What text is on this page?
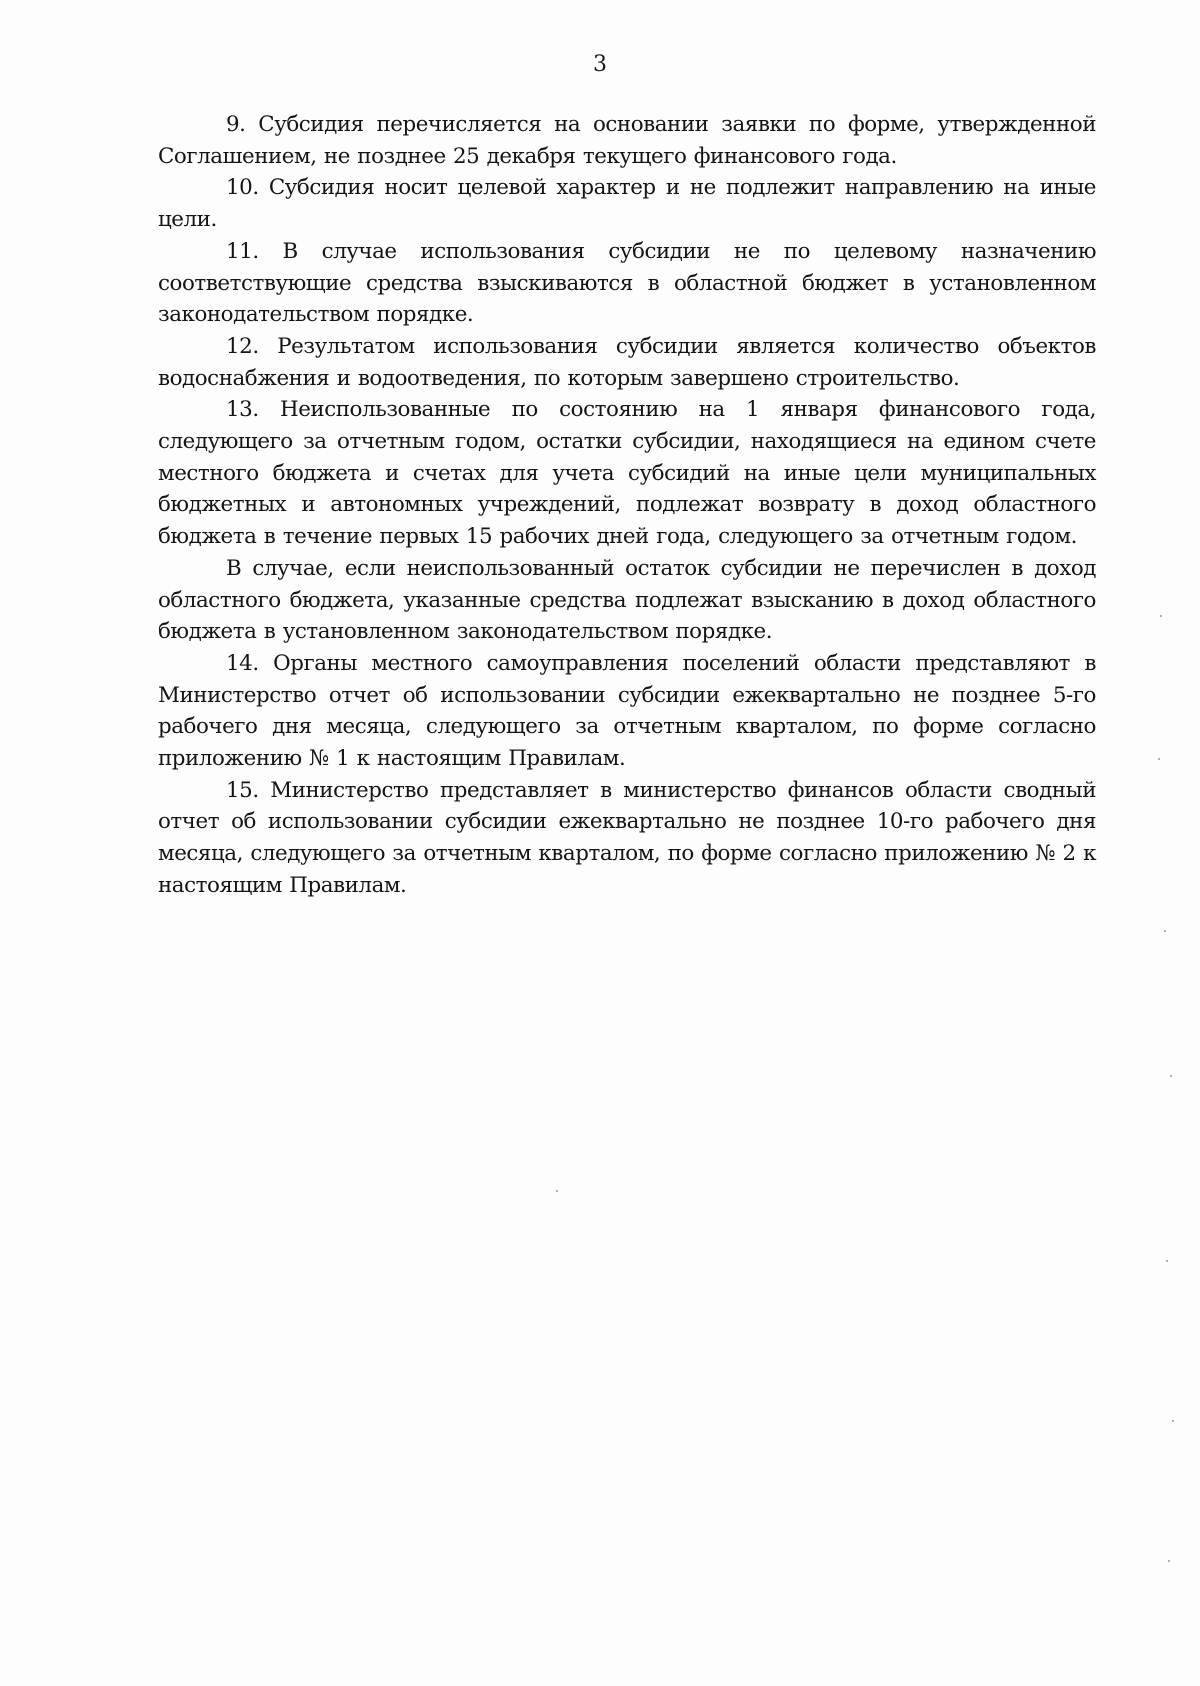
3

9. Субсидия перечисляется на основании заявки по форме, утвержденной Соглашением, не позднее 25 декабря текущего финансового года.

10. Субсидия носит целевой характер и не подлежит направлению на иные цели.

11. В случае использования субсидии не по целевому назначению соответствующие средства взыскиваются в областной бюджет в установленном законодательством порядке.

12. Результатом использования субсидии является количество объектов водоснабжения и водоотведения, по которым завершено строительство.

13. Неиспользованные по состоянию на 1 января финансового года, следующего за отчетным годом, остатки субсидии, находящиеся на едином счете местного бюджета и счетах для учета субсидий на иные цели муниципальных бюджетных и автономных учреждений, подлежат возврату в доход областного бюджета в течение первых 15 рабочих дней года, следующего за отчетным годом.

В случае, если неиспользованный остаток субсидии не перечислен в доход областного бюджета, указанные средства подлежат взысканию в доход областного бюджета в установленном законодательством порядке.

14. Органы местного самоуправления поселений области представляют в Министерство отчет об использовании субсидии ежеквартально не позднее 5-го рабочего дня месяца, следующего за отчетным кварталом, по форме согласно приложению № 1 к настоящим Правилам.

15. Министерство представляет в министерство финансов области сводный отчет об использовании субсидии ежеквартально не позднее 10-го рабочего дня месяца, следующего за отчетным кварталом, по форме согласно приложению № 2 к настоящим Правилам.
